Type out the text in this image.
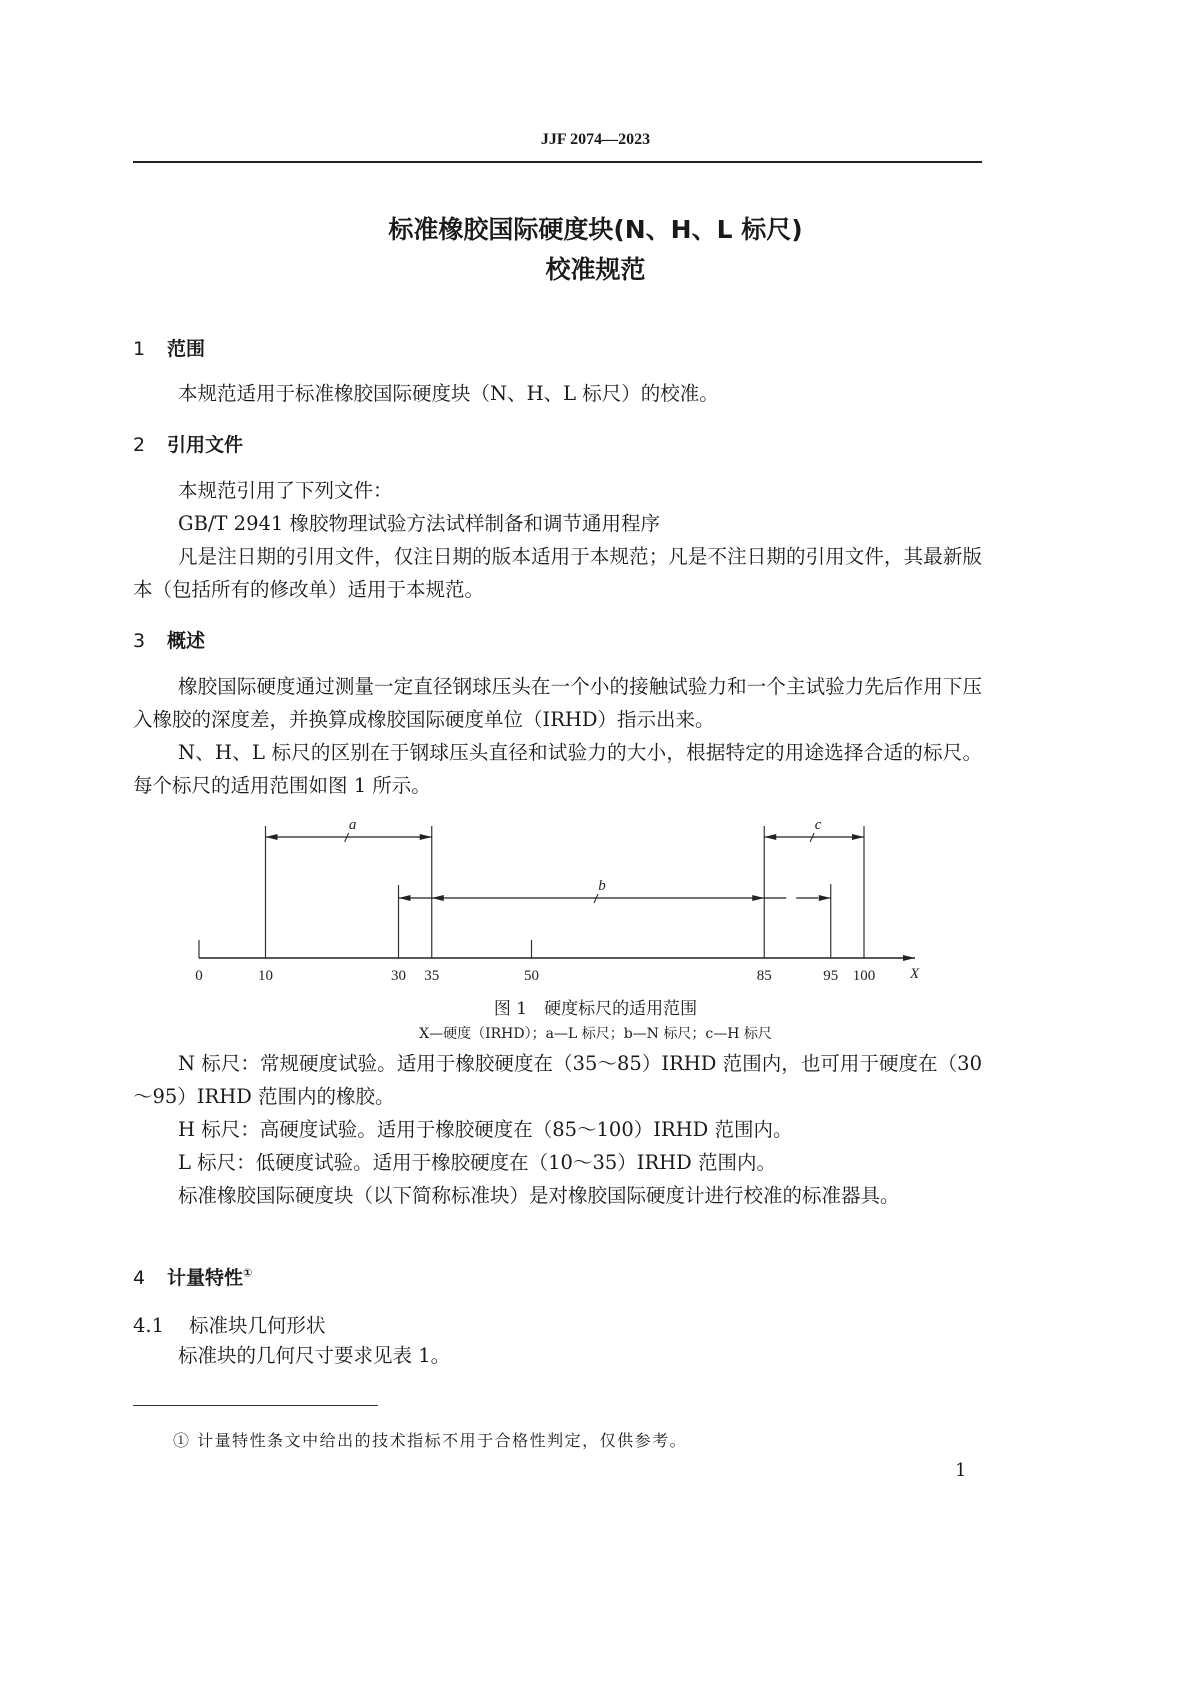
JJF 2074—2023
标准橡胶国际硬度块(N、H、L 标尺)
校准规范
1 范围
本规范适用于标准橡胶国际硬度块（N、H、L 标尺）的校准。
2 引用文件
本规范引用了下列文件：
GB/T 2941 橡胶物理试验方法试样制备和调节通用程序
凡是注日期的引用文件，仅注日期的版本适用于本规范；凡是不注日期的引用文件，其最新版本（包括所有的修改单）适用于本规范。
3 概述
橡胶国际硬度通过测量一定直径钢球压头在一个小的接触试验力和一个主试验力先后作用下压入橡胶的深度差，并换算成橡胶国际硬度单位（IRHD）指示出来。
N、H、L 标尺的区别在于钢球压头直径和试验力的大小，根据特定的用途选择合适的标尺。每个标尺的适用范围如图 1 所示。
0	10	30 35	50	85	95 100 X
a
b
c
图 1　硬度标尺的适用范围
X—硬度（IRHD）；a—L 标尺；b—N 标尺；c—H 标尺
N 标尺：常规硬度试验。适用于橡胶硬度在（35～85）IRHD 范围内，也可用于硬度在（30～95）IRHD 范围内的橡胶。
H 标尺：高硬度试验。适用于橡胶硬度在（85～100）IRHD 范围内。
L 标尺：低硬度试验。适用于橡胶硬度在（10～35）IRHD 范围内。
标准橡胶国际硬度块（以下简称标准块）是对橡胶国际硬度计进行校准的标准器具。
4 计量特性①
4.1 标准块几何形状
标准块的几何尺寸要求见表 1。
① 计量特性条文中给出的技术指标不用于合格性判定，仅供参考。
1
